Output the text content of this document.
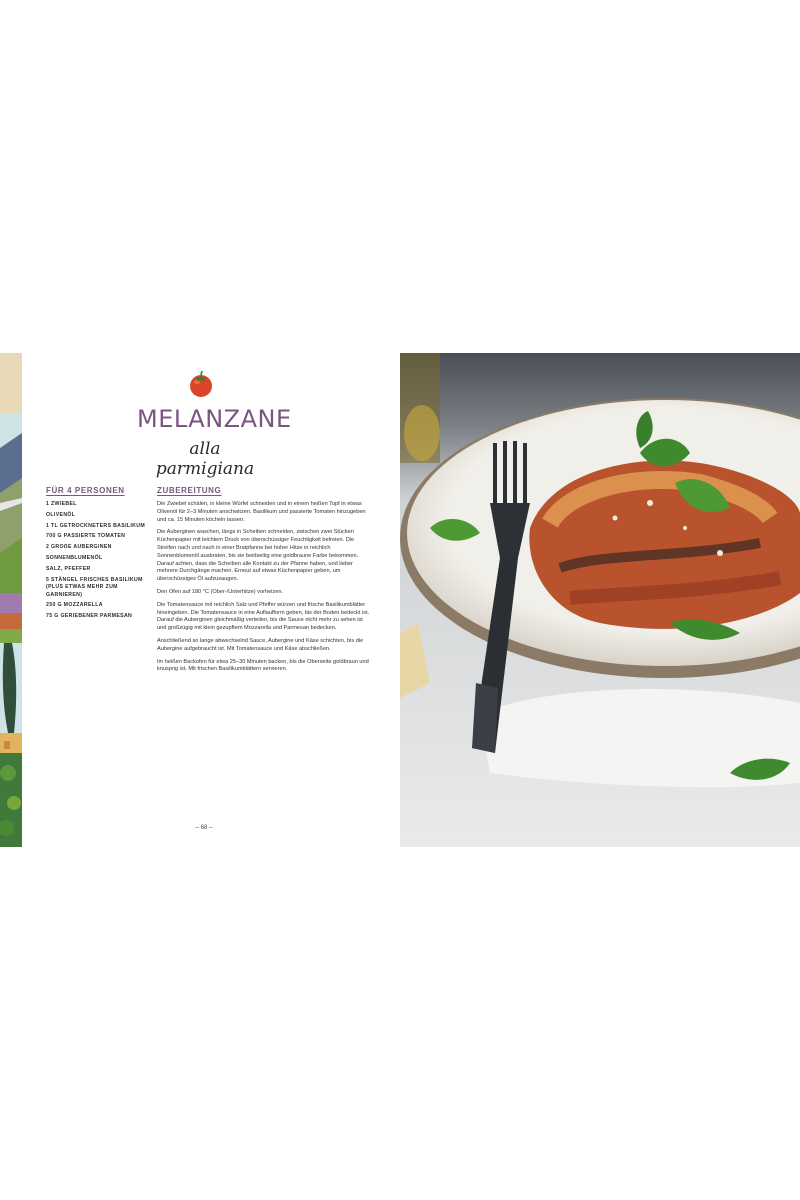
MELANZANE
alla parmigiana
FÜR 4 PERSONEN
1 ZWIEBEL
OLIVENÖL
1 TL GETROCKNETERS BASILIKUM
700 G PASSIERTE TOMATEN
2 GROẞE AUBERGINEN
SONNENBLUMENÖL
SALZ, PFEFFER
5 STÄNGEL FRISCHES BASILIKUM (PLUS ETWAS MEHR ZUM GARNIEREN)
250 G MOZZARELLA
75 G GERIEBENER PARMESAN
ZUBEREITUNG

Die Zwiebel schälen, in kleine Würfel schneiden und in einem heißen Topf in etwas Olivenöl für 2–3 Minuten anschwitzen. Basilikum und passierte Tomaten hinzugeben und ca. 15 Minuten köcheln lassen.

Die Auberginen waschen, längs in Scheiben schneiden, zwischen zwei Stücken Küchenpapier mit leichtem Druck von überschüssiger Feuchtigkeit befreien. Die Streifen nach und nach in einer Bratpfanne bei hoher Hitze in reichlich Sonnenblumenöl ausbraten, bis sie beidseitig eine goldbraune Farbe bekommen. Darauf achten, dass die Scheiben alle Kontakt zu der Pfanne haben, und lieber mehrere Durchgänge machen. Erneut auf etwas Küchenpapier geben, um überschüssiges Öl aufzusaugen.

Den Ofen auf 180 °C (Ober-/Unterhitze) vorheizen.

Die Tomatensauce mit reichlich Salz und Pfeffer würzen und frische Basilikumblätter hineingeben. Die Tomatensauce in eine Auflaufform geben, bis der Boden bedeckt ist. Darauf die Auberginen gleichmäßig verteilen, bis die Sauce nicht mehr zu sehen ist und großzügig mit klein gezupftem Mozzarella und Parmesan bedecken.

Anschließend so lange abwechselnd Sauce, Aubergine und Käse schichten, bis die Aubergine aufgebraucht ist. Mit Tomatensauce und Käse abschließen.

Im heißen Backofen für etwa 25–30 Minuten backen, bis die Oberseite goldbraun und knusprig ist. Mit frischen Basilikumblättern servieren.

– 68 –
